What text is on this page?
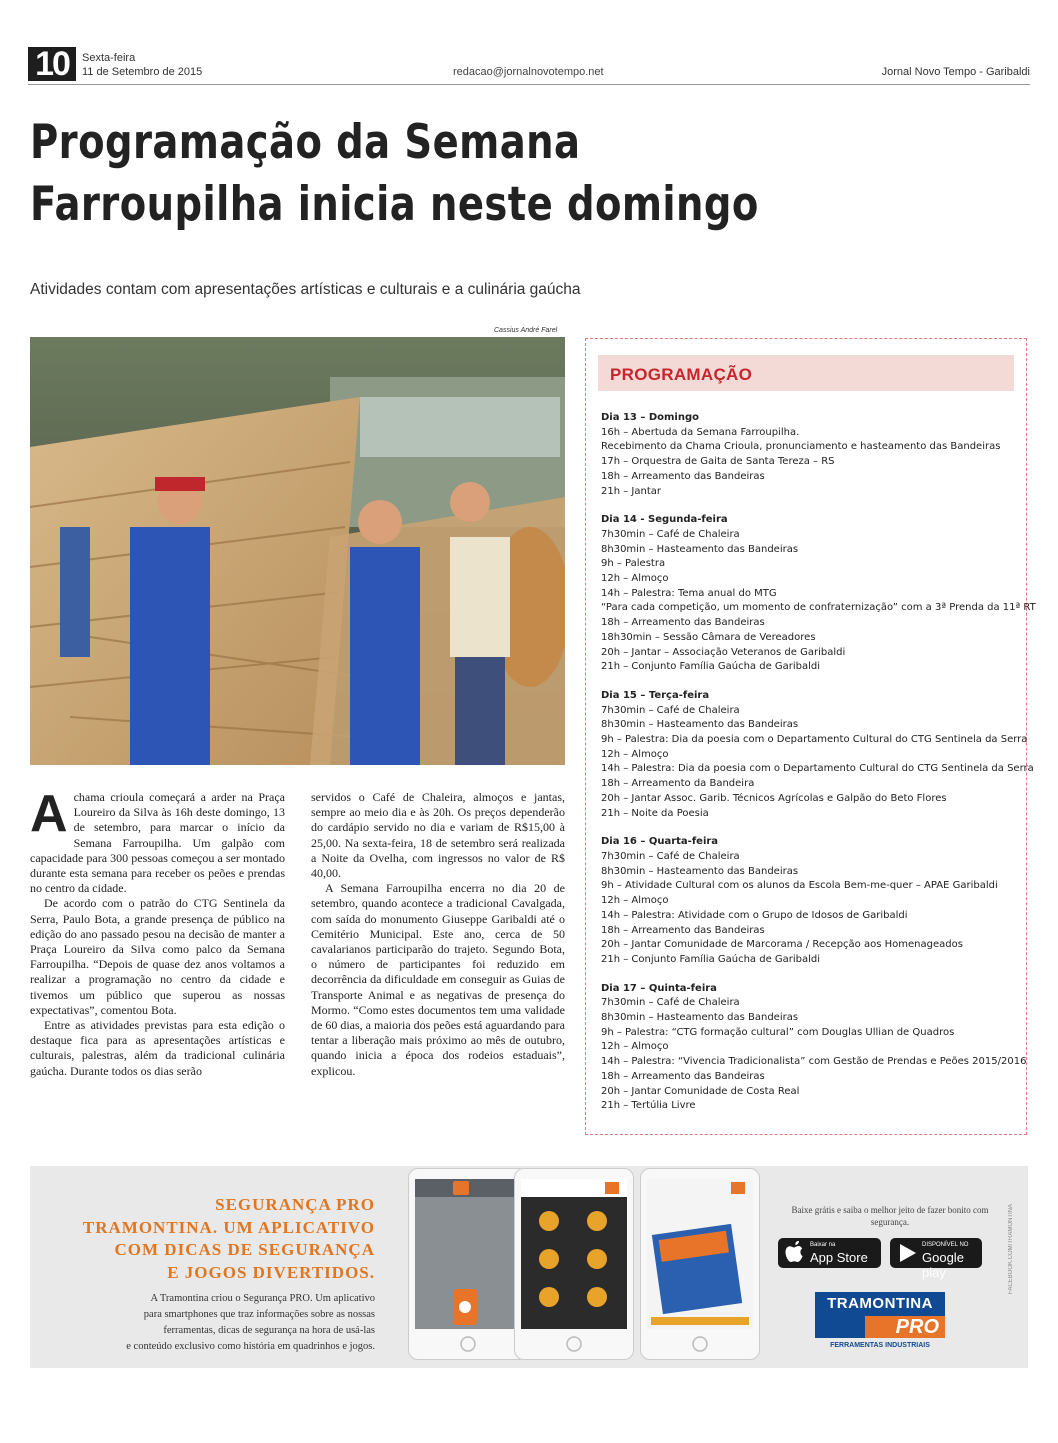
10	Sexta-feira
11 de Setembro de 2015	redacao@jornalnovotempo.net	Jornal Novo Tempo - Garibaldi
Programação da Semana
Farroupilha inicia neste domingo
Atividades contam com apresentações artísticas e culturais e a culinária gaúcha
Cassius André Farel
A chama crioula começará a arder na Praça Loureiro da Silva às 16h deste domingo, 13 de setembro, para marcar o início da Semana Farroupilha. Um galpão com capacidade para 300 pessoas começou a ser montado durante esta semana para receber os peões e prendas no centro da cidade.

De acordo com o patrão do CTG Sentinela da Serra, Paulo Bota, a grande presença de público na edição do ano passado pesou na decisão de manter a Praça Loureiro da Silva como palco da Semana Farroupilha. “Depois de quase dez anos voltamos a realizar a programação no centro da cidade e tivemos um público que superou as nossas expectativas”, comentou Bota.

Entre as atividades previstas para esta edição o destaque fica para as apresentações artísticas e culturais, palestras, além da tradicional culinária gaúcha. Durante todos os dias serão

servidos o Café de Chaleira, almoços e jantas, sempre ao meio dia e às 20h. Os preços dependerão do cardápio servido no dia e variam de R$15,00 à 25,00. Na sexta-feira, 18 de setembro será realizada a Noite da Ovelha, com ingressos no valor de R$ 40,00.

A Semana Farroupilha encerra no dia 20 de setembro, quando acontece a tradicional Cavalgada, com saída do monumento Giuseppe Garibaldi até o Cemitério Municipal. Este ano, cerca de 50 cavalarianos participarão do trajeto. Segundo Bota, o número de participantes foi reduzido em decorrência da dificuldade em conseguir as Guias de Transporte Animal e as negativas de presença do Mormo. “Como estes documentos tem uma validade de 60 dias, a maioria dos peões está aguardando para tentar a liberação mais próximo ao mês de outubro, quando inicia a época dos rodeios estaduais”, explicou.

PROGRAMAÇÃO
Dia 13 – Domingo
16h – Abertuda da Semana Farroupilha.
Recebimento da Chama Crioula, pronunciamento e hasteamento das Bandeiras
17h – Orquestra de Gaita de Santa Tereza – RS
18h – Arreamento das Bandeiras
21h – Jantar
Dia 14 - Segunda-feira
7h30min – Café de Chaleira
8h30min – Hasteamento das Bandeiras
9h – Palestra
12h – Almoço
14h – Palestra: Tema anual do MTG
“Para cada competição, um momento de confraternização” com a 3ª Prenda da 11ª RT
18h – Arreamento das Bandeiras
18h30min – Sessão Câmara de Vereadores
20h – Jantar – Associação Veteranos de Garibaldi
21h – Conjunto Família Gaúcha de Garibaldi
Dia 15 – Terça-feira
7h30min – Café de Chaleira
8h30min – Hasteamento das Bandeiras
9h – Palestra: Dia da poesia com o Departamento Cultural do CTG Sentinela da Serra
12h – Almoço
14h – Palestra: Dia da poesia com o Departamento Cultural do CTG Sentinela da Serra
18h – Arreamento da Bandeira
20h – Jantar Assoc. Garib. Técnicos Agrícolas e Galpão do Beto Flores
21h – Noite da Poesia
Dia 16 – Quarta-feira
7h30min – Café de Chaleira
8h30min – Hasteamento das Bandeiras
9h – Atividade Cultural com os alunos da Escola Bem-me-quer – APAE Garibaldi
12h – Almoço
14h – Palestra: Atividade com o Grupo de Idosos de Garibaldi
18h – Arreamento das Bandeiras
20h – Jantar Comunidade de Marcorama / Recepção aos Homenageados
21h – Conjunto Família Gaúcha de Garibaldi
Dia 17 – Quinta-feira
7h30min – Café de Chaleira
8h30min – Hasteamento das Bandeiras
9h – Palestra: “CTG formação cultural” com Douglas Ullian de Quadros
12h – Almoço
14h – Palestra: “Vivencia Tradicionalista” com Gestão de Prendas e Peões 2015/2016
18h – Arreamento das Bandeiras
20h – Jantar Comunidade de Costa Real
21h – Tertúlia Livre
SEGURANÇA PRO
TRAMONTINA. UM APLICATIVO
COM DICAS DE SEGURANÇA
E JOGOS DIVERTIDOS.
A Tramontina criou o Segurança PRO. Um aplicativo
para smartphones que traz informações sobre as nossas
ferramentas, dicas de segurança na hora de usá-las
e conteúdo exclusivo como história em quadrinhos e jogos.
Baixe grátis e saiba o melhor jeito de fazer bonito com segurança.
Baixar na
App Store
DISPONÍVEL NO
Google play
TRAMONTINA
PRO
FERRAMENTAS INDUSTRIAIS
FACEBOOK.COM/TRAMONTINA
